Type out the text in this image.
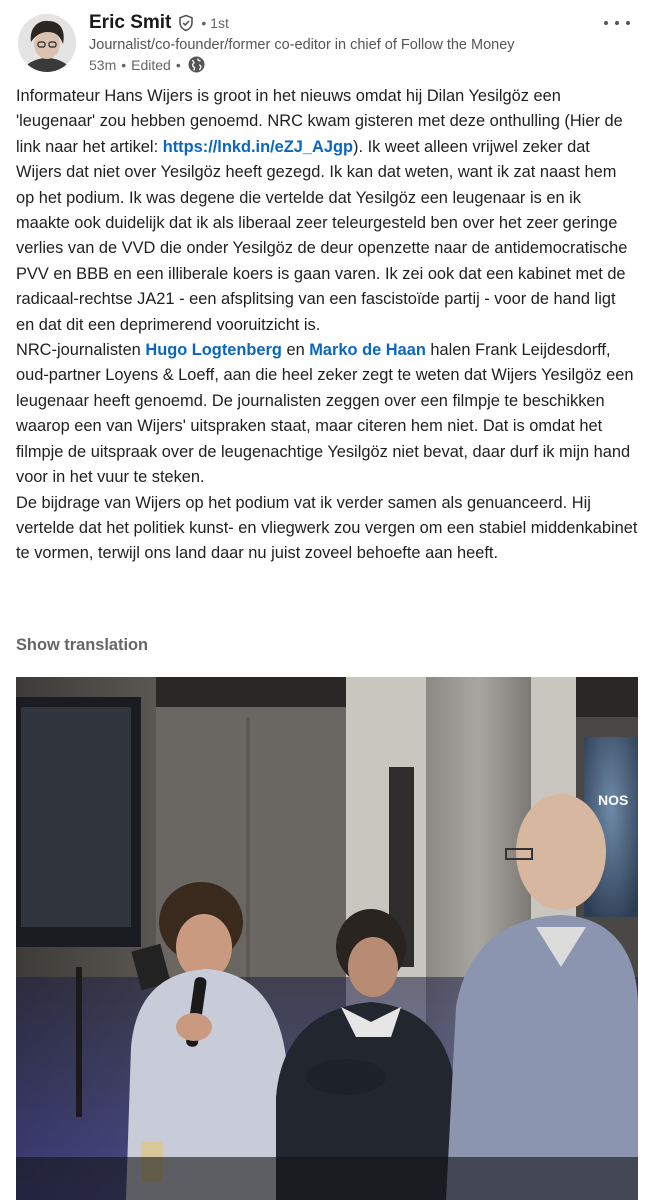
Eric Smit • 1st
Journalist/co-founder/former co-editor in chief of Follow the Money
53m • Edited •

Informateur Hans Wijers is groot in het nieuws omdat hij Dilan Yesilgöz een 'leugenaar' zou hebben genoemd. NRC kwam gisteren met deze onthulling (Hier de link naar het artikel: https://lnkd.in/eZJ_AJgp). Ik weet alleen vrijwel zeker dat Wijers dat niet over Yesilgöz heeft gezegd. Ik kan dat weten, want ik zat naast hem op het podium. Ik was degene die vertelde dat Yesilgöz een leugenaar is en ik maakte ook duidelijk dat ik als liberaal zeer teleurgesteld ben over het zeer geringe verlies van de VVD die onder Yesilgöz de deur openzette naar de antidemocratische PVV en BBB en een illiberale koers is gaan varen. Ik zei ook dat een kabinet met de radicaal-rechtse JA21 - een afsplitsing van een fascistoïde partij - voor de hand ligt en dat dit een deprimerend vooruitzicht is.

NRC-journalisten Hugo Logtenberg en Marko de Haan halen Frank Leijdesdorff, oud-partner Loyens & Loeff, aan die heel zeker zegt te weten dat Wijers Yesilgöz een leugenaar heeft genoemd. De journalisten zeggen over een filmpje te beschikken waarop een van Wijers' uitspraken staat, maar citeren hem niet. Dat is omdat het filmpje de uitspraak over de leugenachtige Yesilgöz niet bevat, daar durf ik mijn hand voor in het vuur te steken.

De bijdrage van Wijers op het podium vat ik verder samen als genuanceerd. Hij vertelde dat het politiek kunst- en vliegwerk zou vergen om een stabiel middenkabinet te vormen, terwijl ons land daar nu juist zoveel behoefte aan heeft.

Show translation
NOS
